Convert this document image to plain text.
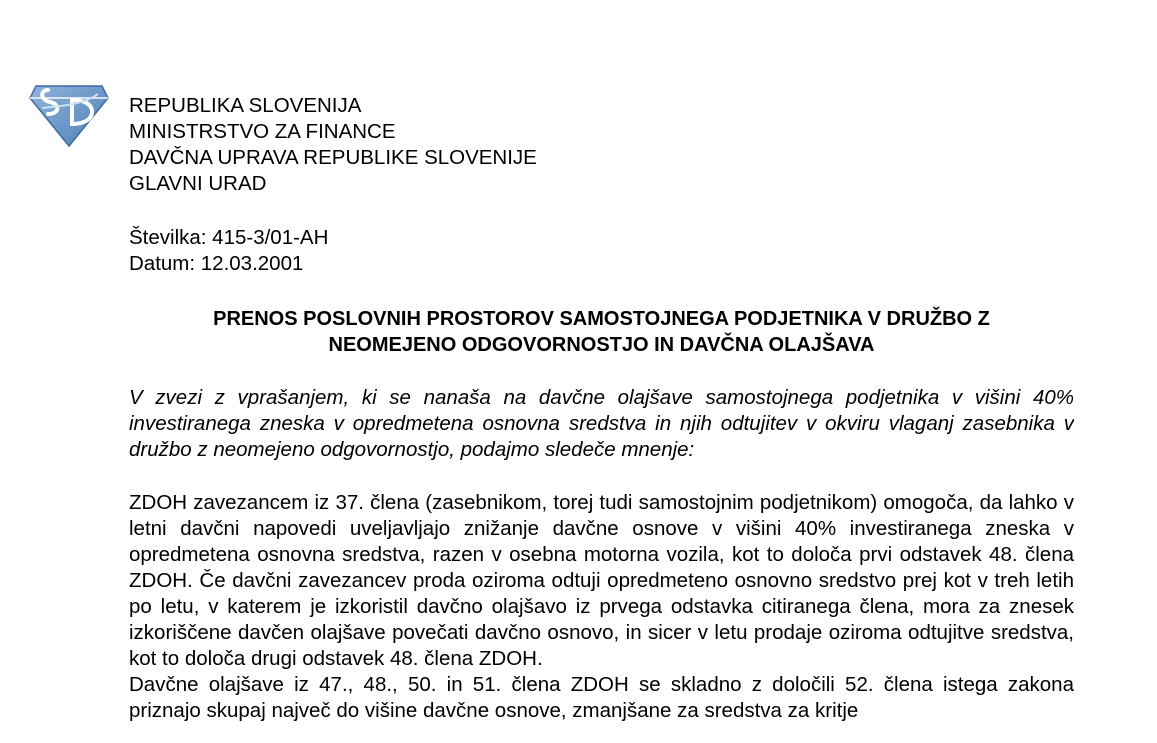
REPUBLIKA SLOVENIJA
MINISTRSTVO ZA FINANCE
DAVČNA UPRAVA REPUBLIKE SLOVENIJE
GLAVNI URAD
Številka: 415-3/01-AH
Datum: 12.03.2001
PRENOS POSLOVNIH PROSTOROV SAMOSTOJNEGA PODJETNIKA V DRUŽBO Z
NEOMEJENO ODGOVORNOSTJO IN DAVČNA OLAJŠAVA
V zvezi z vprašanjem, ki se nanaša na davčne olajšave samostojnega podjetnika v višini 40% investiranega zneska v opredmetena osnovna sredstva in njih odtujitev v okviru vlaganj zasebnika v družbo z neomejeno odgovornostjo, podajmo sledeče mnenje:
ZDOH zavezancem iz 37. člena (zasebnikom, torej tudi samostojnim podjetnikom) omogoča, da lahko v letni davčni napovedi uveljavljajo znižanje davčne osnove v višini 40% investiranega zneska v opredmetena osnovna sredstva, razen v osebna motorna vozila, kot to določa prvi odstavek 48. člena ZDOH. Če davčni zavezancev proda oziroma odtuji opredmeteno osnovno sredstvo prej kot v treh letih po letu, v katerem je izkoristil davčno olajšavo iz prvega odstavka citiranega člena, mora za znesek izkoriščene davčen olajšave povečati davčno osnovo, in sicer v letu prodaje oziroma odtujitve sredstva, kot to določa drugi odstavek 48. člena ZDOH.
Davčne olajšave iz 47., 48., 50. in 51. člena ZDOH se skladno z določili 52. člena istega zakona priznajo skupaj največ do višine davčne osnove, zmanjšane za sredstva za kritje
